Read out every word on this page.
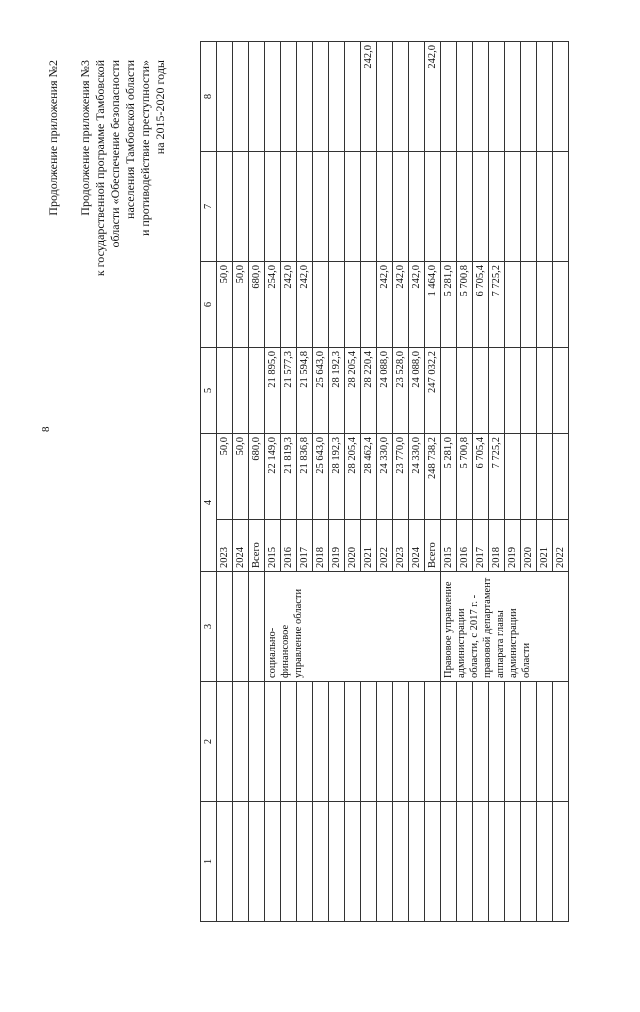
8
Продолжение приложения №2 Продолжение приложения №3 к государственной программе Тамбовской области «Обеспечение безопасности населения Тамбовской области и противодействие преступности» на 2015-2020 годы
1	2	3	4		5	6	7	8
			2023	50,0		50,0		
			2024	50,0		50,0		
			Всего	680,0		680,0		
		социально-финансовое управление области	2015	22 149,0	21 895,0	254,0		
			2016	21 819,3	21 577,3	242,0		
			2017	21 836,8	21 594,8	242,0		
			2018	25 643,0	25 643,0			
			2019	28 192,3	28 192,3			
			2020	28 205,4	28 205,4			
			2021	28 462,4	28 220,4			242,0
			2022	24 330,0	24 088,0	242,0		
			2023	23 770,0	23 528,0	242,0		
			2024	24 330,0	24 088,0	242,0		
			Всего	248 738,2	247 032,2	1 464,0		242,0
		Правовое управление администрации области, с 2017 г. - правовой департамент аппарата главы администрации области	2015	5 281,0		5 281,0		
			2016	5 700,8		5 700,8		
			2017	6 705,4		6 705,4		
			2018	7 725,2		7 725,2		
			2019					
			2020					
			2021					
			2022					
